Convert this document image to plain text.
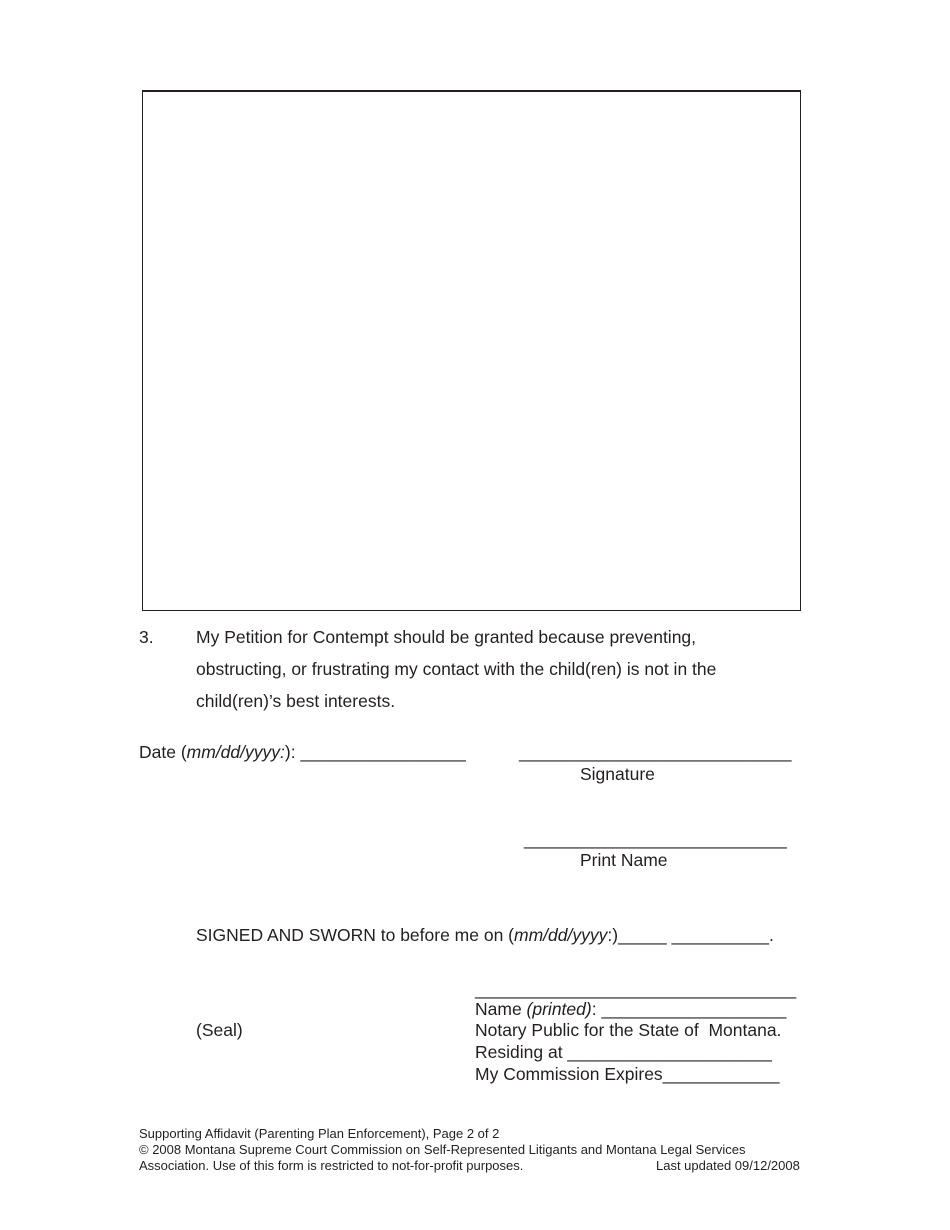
3. My Petition for Contempt should be granted because preventing,
obstructing, or frustrating my contact with the child(ren) is not in the
child(ren)’s best interests.
Date (mm/dd/yyyy:): _________________	____________________________
Signature
___________________________
Print Name
SIGNED AND SWORN to before me on (mm/dd/yyyy:)_____ __________.
(Seal)
_________________________________
Name (printed): ___________________
Notary Public for the State of  Montana.
Residing at _____________________
My Commission Expires____________
Supporting Affidavit (Parenting Plan Enforcement), Page 2 of 2
© 2008 Montana Supreme Court Commission on Self-Represented Litigants and Montana Legal Services
Association. Use of this form is restricted to not-for-profit purposes.	Last updated 09/12/2008
